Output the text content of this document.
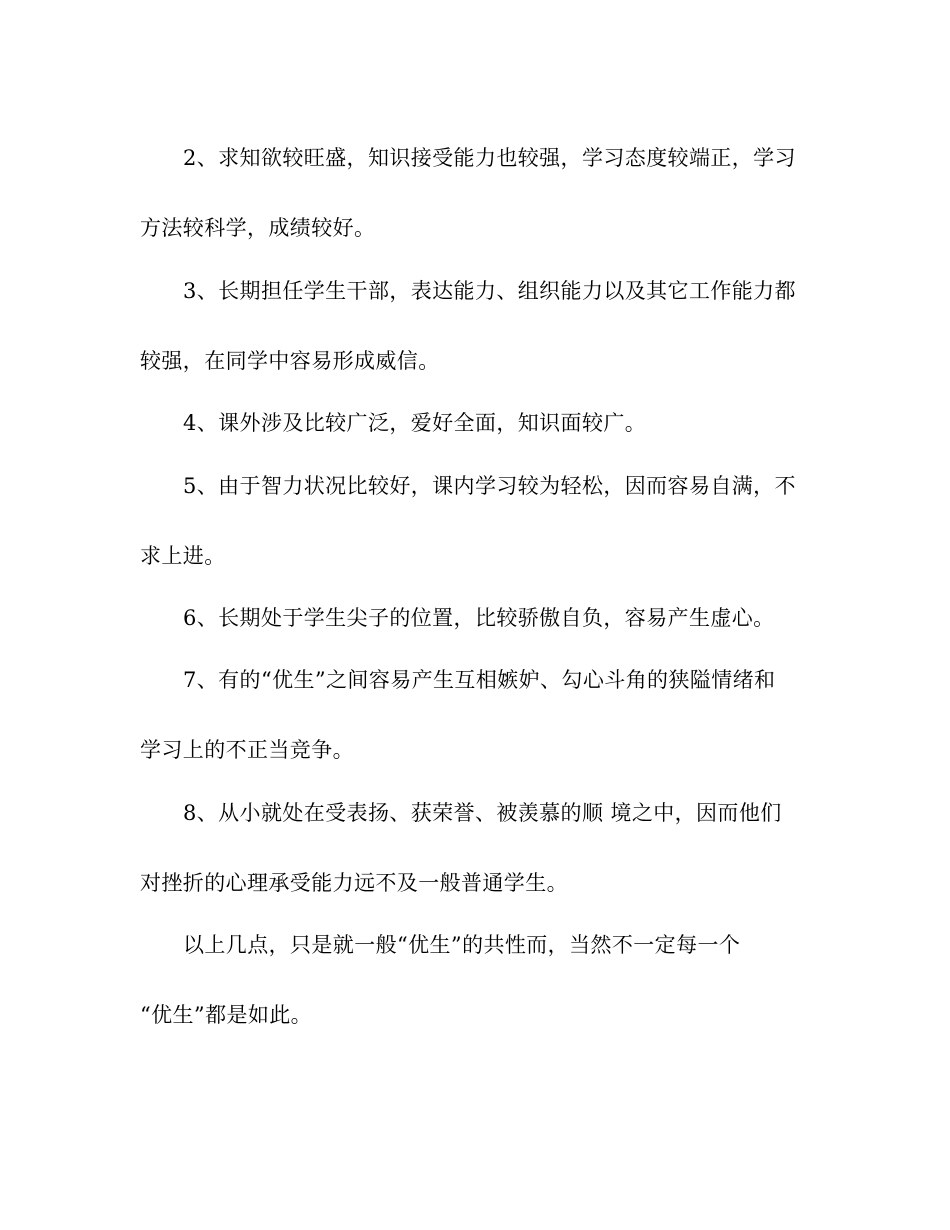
2、求知欲较旺盛，知识接受能力也较强，学习态度较端正，学习
方法较科学，成绩较好。
3、长期担任学生干部，表达能力、组织能力以及其它工作能力都
较强，在同学中容易形成威信。
4、课外涉及比较广泛，爱好全面，知识面较广。
5、由于智力状况比较好，课内学习较为轻松，因而容易自满，不
求上进。
6、长期处于学生尖子的位置，比较骄傲自负，容易产生虚心。
7、有的“优生”之间容易产生互相嫉妒、勾心斗角的狭隘情绪和
学习上的不正当竞争。
8、从小就处在受表扬、获荣誉、被羡慕的顺 境之中，因而他们
对挫折的心理承受能力远不及一般普通学生。
以上几点，只是就一般“优生”的共性而，当然不一定每一个
“优生”都是如此。
